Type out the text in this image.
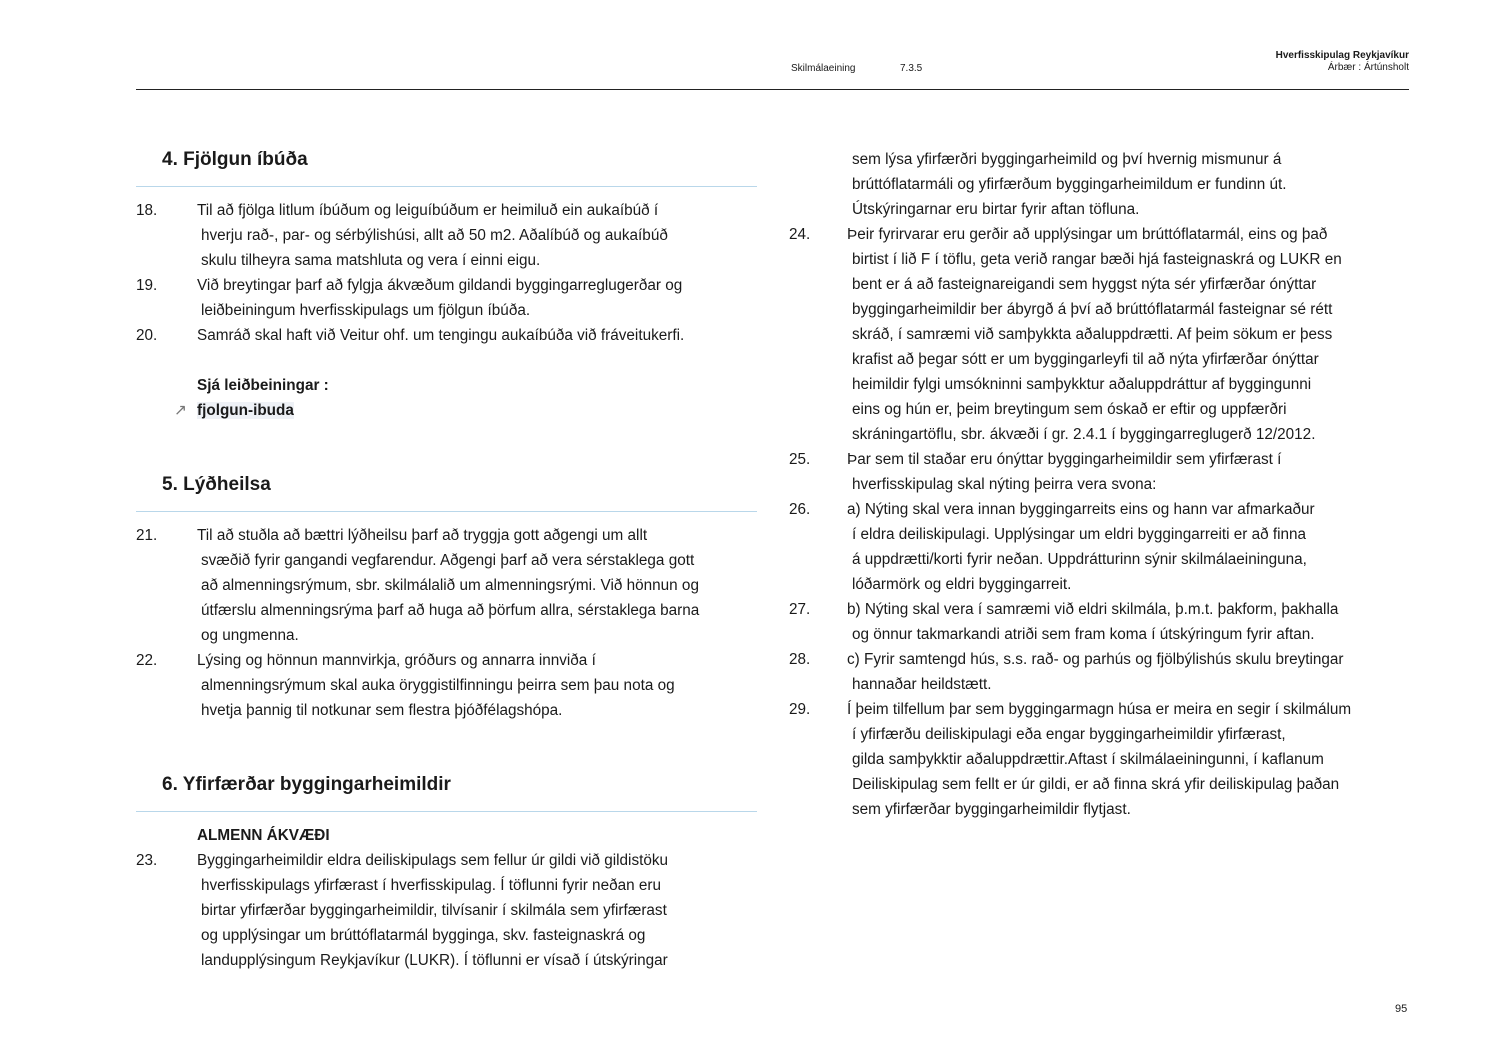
Skilmálaeining	7.3.5
Hverfisskipulag Reykjavíkur
Árbær : Ártúnsholt
4. Fjölgun íbúða
18.	Til að fjölga litlum íbúðum og leiguíbúðum er heimiluð ein aukaíbúð í
hverju rað-, par- og sérbýlishúsi, allt að 50 m2. Aðalíbúð og aukaíbúð
skulu tilheyra sama matshluta og vera í einni eigu.
19.	Við breytingar þarf að fylgja ákvæðum gildandi byggingarreglugerðar og
leiðbeiningum hverfisskipulags um fjölgun íbúða.
20.	Samráð skal haft við Veitur ohf. um tengingu aukaíbúða við fráveitukerfi.
Sjá leiðbeiningar :
↗ fjolgun-ibuda
5. Lýðheilsa
21.	Til að stuðla að bættri lýðheilsu þarf að tryggja gott aðgengi um allt
svæðið fyrir gangandi vegfarendur. Aðgengi þarf að vera sérstaklega gott
að almenningsrýmum, sbr. skilmálalið um almenningsrými. Við hönnun og
útfærslu almenningsrýma þarf að huga að þörfum allra, sérstaklega barna
og ungmenna.
22.	Lýsing og hönnun mannvirkja, gróðurs og annarra innviða í
almenningsrýmum skal auka öryggistilfinningu þeirra sem þau nota og
hvetja þannig til notkunar sem flestra þjóðfélagshópa.
6. Yfirfærðar byggingarheimildir
ALMENN ÁKVÆÐI
23.	Byggingarheimildir eldra deiliskipulags sem fellur úr gildi við gildistöku
hverfisskipulags yfirfærast í hverfisskipulag. Í töflunni fyrir neðan eru
birtar yfirfærðar byggingarheimildir, tilvísanir í skilmála sem yfirfærast
og upplýsingar um brúttóflatarmál bygginga, skv. fasteignaskrá og
landupplýsingum Reykjavíkur (LUKR). Í töflunni er vísað í útskýringar
sem lýsa yfirfærðri byggingarheimild og því hvernig mismunur á
brúttóflatarmáli og yfirfærðum byggingarheimildum er fundinn út.
Útskýringarnar eru birtar fyrir aftan töfluna.
24.	Þeir fyrirvarar eru gerðir að upplýsingar um brúttóflatarmál, eins og það
birtist í lið F í töflu, geta verið rangar bæði hjá fasteignaskrá og LUKR en
bent er á að fasteignareigandi sem hyggst nýta sér yfirfærðar ónýttar
byggingarheimildir ber ábyrgð á því að brúttóflatarmál fasteignar sé rétt
skráð, í samræmi við samþykkta aðaluppdrætti. Af þeim sökum er þess
krafist að þegar sótt er um byggingarleyfi til að nýta yfirfærðar ónýttar
heimildir fylgi umsókninni samþykktur aðaluppdráttur af byggingunni
eins og hún er, þeim breytingum sem óskað er eftir og uppfærðri
skráningartöflu, sbr. ákvæði í gr. 2.4.1 í byggingarreglugerð 12/2012.
25.	Þar sem til staðar eru ónýttar byggingarheimildir sem yfirfærast í
hverfisskipulag skal nýting þeirra vera svona:
26.	a) Nýting skal vera innan byggingarreits eins og hann var afmarkaður
í eldra deiliskipulagi. Upplýsingar um eldri byggingarreiti er að finna
á uppdrætti/korti fyrir neðan. Uppdrátturinn sýnir skilmálaeininguna,
lóðarmörk og eldri byggingarreit.
27.	b) Nýting skal vera í samræmi við eldri skilmála, þ.m.t. þakform, þakhalla
og önnur takmarkandi atriði sem fram koma í útskýringum fyrir aftan.
28.	c) Fyrir samtengd hús, s.s. rað- og parhús og fjölbýlishús skulu breytingar
hannaðar heildstætt.
29.	Í þeim tilfellum þar sem byggingarmagn húsa er meira en segir í skilmálum
í yfirfærðu deiliskipulagi eða engar byggingarheimildir yfirfærast,
gilda samþykktir aðaluppdrættir.Aftast í skilmálaeiningunni, í kaflanum
Deiliskipulag sem fellt er úr gildi, er að finna skrá yfir deiliskipulag þaðan
sem yfirfærðar byggingarheimildir flytjast.
95
